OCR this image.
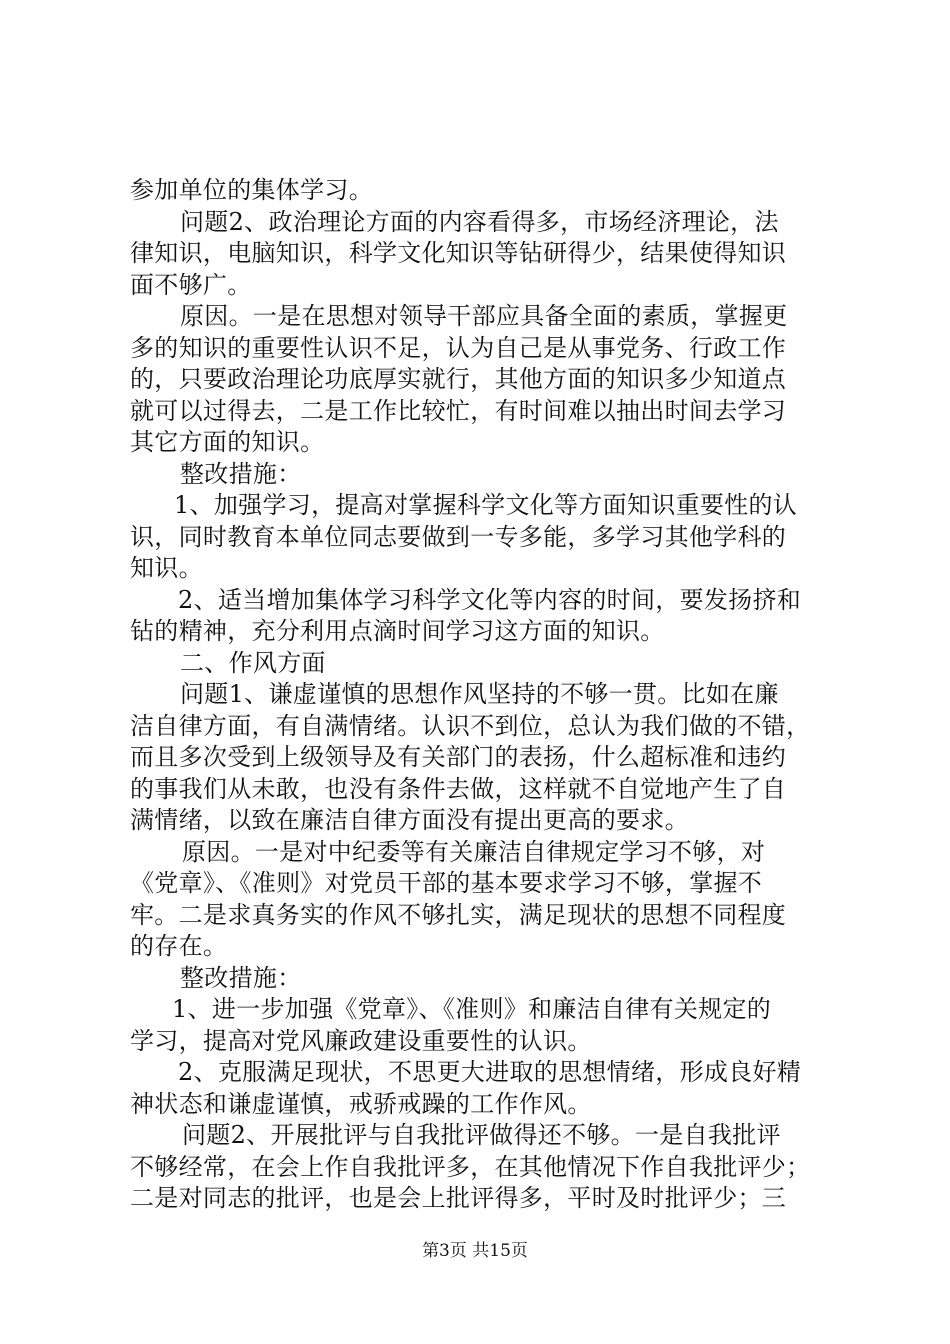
参加单位的集体学习。
问题2、政治理论方面的内容看得多，市场经济理论，法
律知识，电脑知识，科学文化知识等钻研得少，结果使得知识
面不够广。
原因。一是在思想对领导干部应具备全面的素质，掌握更
多的知识的重要性认识不足，认为自己是从事党务、行政工作
的，只要政治理论功底厚实就行，其他方面的知识多少知道点
就可以过得去，二是工作比较忙，有时间难以抽出时间去学习
其它方面的知识。
整改措施：
1、加强学习，提高对掌握科学文化等方面知识重要性的认
识，同时教育本单位同志要做到一专多能，多学习其他学科的
知识。
2、适当增加集体学习科学文化等内容的时间，要发扬挤和
钻的精神，充分利用点滴时间学习这方面的知识。
二、作风方面
问题1、谦虚谨慎的思想作风坚持的不够一贯。比如在廉
洁自律方面，有自满情绪。认识不到位，总认为我们做的不错，
而且多次受到上级领导及有关部门的表扬，什么超标准和违约
的事我们从未敢，也没有条件去做，这样就不自觉地产生了自
满情绪，以致在廉洁自律方面没有提出更高的要求。
原因。一是对中纪委等有关廉洁自律规定学习不够，对
《党章》、《准则》对党员干部的基本要求学习不够，掌握不
牢。二是求真务实的作风不够扎实，满足现状的思想不同程度
的存在。
整改措施：
1、进一步加强《党章》、《准则》和廉洁自律有关规定的
学习，提高对党风廉政建设重要性的认识。
2、克服满足现状，不思更大进取的思想情绪，形成良好精
神状态和谦虚谨慎，戒骄戒躁的工作作风。
问题2、开展批评与自我批评做得还不够。一是自我批评
不够经常，在会上作自我批评多，在其他情况下作自我批评少；
二是对同志的批评，也是会上批评得多，平时及时批评少；三
第3页 共15页
